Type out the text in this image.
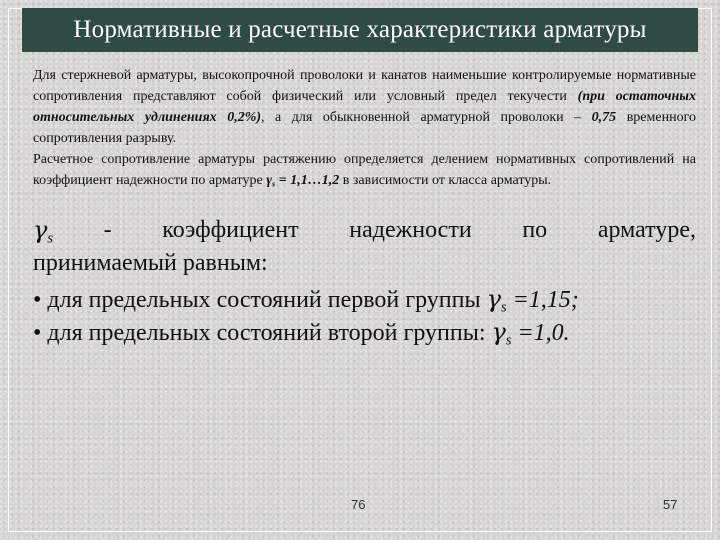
Нормативные и расчетные характеристики арматуры

Для стержневой арматуры, высокопрочной проволоки и канатов наименьшие контролируемые нормативные сопротивления представляют собой физический или условный предел текучести (при остаточных относительных удлинениях 0,2%), а для обыкновенной арматурной проволоки – 0,75 временного сопротивления разрыву.

Расчетное сопротивление арматуры растяжению определяется делением нормативных сопротивлений на коэффициент надежности по арматуре $\gamma_s$ = 1,1…1,2 в зависимости от класса арматуры.

$\gamma_s$ - коэффициент надежности по арматуре,

принимаемый равным:

• для предельных состояний первой группы $\gamma_s =1,15$;

• для предельных состояний второй группы: $\gamma_s =1,0$.

76	57
